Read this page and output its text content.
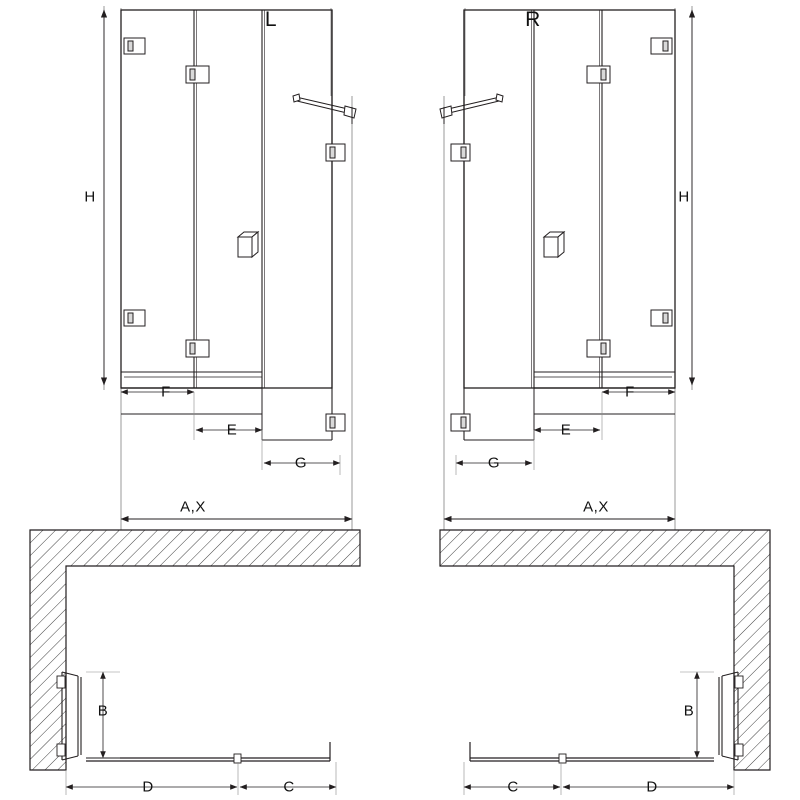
L	R
H	H
F
E
G
A,X
F
E
G
A,X
B
D	C
B
C	D
